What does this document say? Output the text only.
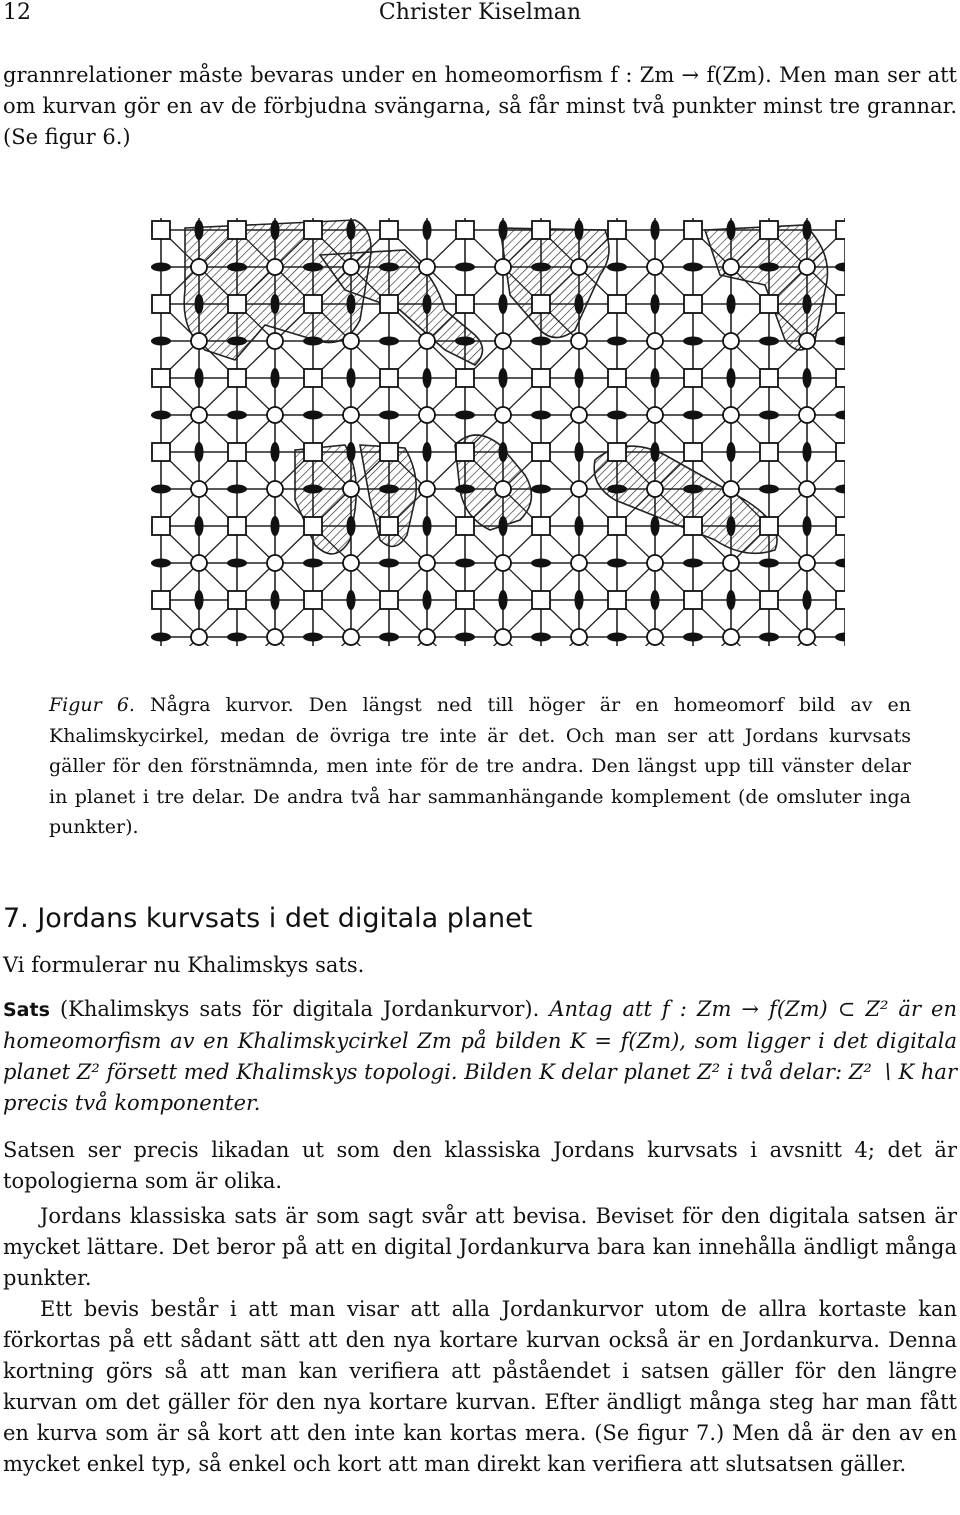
12	Christer Kiselman

grannrelationer måste bevaras under en homeomorfism f : Zm → f(Zm). Men man ser att om kurvan gör en av de förbjudna svängarna, så får minst två punkter minst tre grannar. (Se figur 6.)

Figur 6. Några kurvor. Den längst ned till höger är en homeomorf bild av en Khalimskycirkel, medan de övriga tre inte är det. Och man ser att Jordans kurvsats gäller för den förstnämnda, men inte för de tre andra. Den längst upp till vänster delar in planet i tre delar. De andra två har sammanhängande komplement (de omsluter inga punkter).

7. Jordans kurvsats i det digitala planet

Vi formulerar nu Khalimskys sats.

Sats (Khalimskys sats för digitala Jordankurvor). Antag att f : Zm → f(Zm) ⊂ Z² är en homeomorfism av en Khalimskycirkel Zm på bilden K = f(Zm), som ligger i det digitala planet Z² försett med Khalimskys topologi. Bilden K delar planet Z² i två delar: Z² ∖ K har precis två komponenter.

Satsen ser precis likadan ut som den klassiska Jordans kurvsats i avsnitt 4; det är topologierna som är olika.

Jordans klassiska sats är som sagt svår att bevisa. Beviset för den digitala satsen är mycket lättare. Det beror på att en digital Jordankurva bara kan innehålla ändligt många punkter.

Ett bevis består i att man visar att alla Jordankurvor utom de allra kortaste kan förkortas på ett sådant sätt att den nya kortare kurvan också är en Jordankurva. Denna kortning görs så att man kan verifiera att påståendet i satsen gäller för den längre kurvan om det gäller för den nya kortare kurvan. Efter ändligt många steg har man fått en kurva som är så kort att den inte kan kortas mera. (Se figur 7.) Men då är den av en mycket enkel typ, så enkel och kort att man direkt kan verifiera att slutsatsen gäller.
